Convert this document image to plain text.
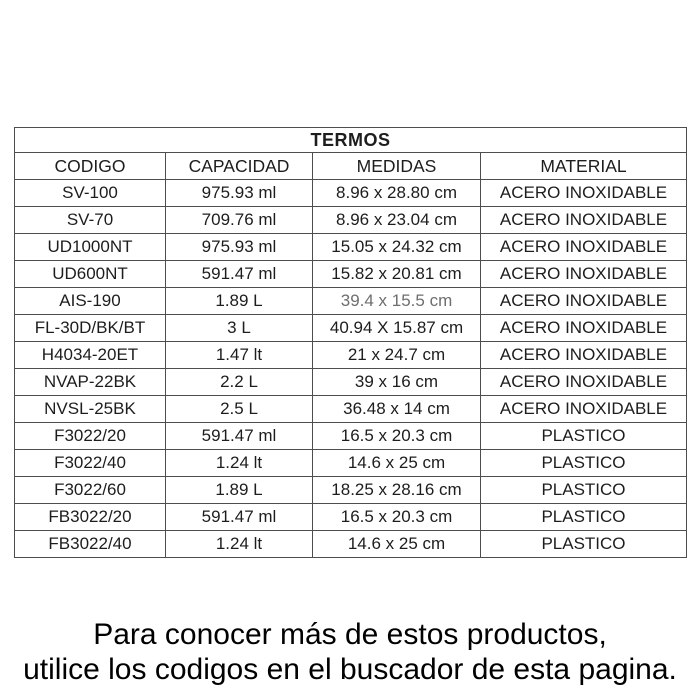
TERMOS			
CODIGO	CAPACIDAD	MEDIDAS	MATERIAL
SV-100	975.93 ml	8.96 x 28.80 cm	ACERO INOXIDABLE
SV-70	709.76 ml	8.96 x 23.04 cm	ACERO INOXIDABLE
UD1000NT	975.93 ml	15.05 x 24.32 cm	ACERO INOXIDABLE
UD600NT	591.47 ml	15.82 x 20.81 cm	ACERO INOXIDABLE
AIS-190	1.89 L	39.4 x 15.5 cm	ACERO INOXIDABLE
FL-30D/BK/BT	3 L	40.94 X 15.87 cm	ACERO INOXIDABLE
H4034-20ET	1.47 lt	21 x 24.7 cm	ACERO INOXIDABLE
NVAP-22BK	2.2 L	39 x 16 cm	ACERO INOXIDABLE
NVSL-25BK	2.5 L	36.48 x 14 cm	ACERO INOXIDABLE
F3022/20	591.47 ml	16.5 x 20.3 cm	PLASTICO
F3022/40	1.24 lt	14.6 x 25 cm	PLASTICO
F3022/60	1.89 L	18.25 x 28.16 cm	PLASTICO
FB3022/20	591.47 ml	16.5 x 20.3 cm	PLASTICO
FB3022/40	1.24 lt	14.6 x 25 cm	PLASTICO
Para conocer más de estos productos,
utilice los codigos en el buscador de esta pagina.
